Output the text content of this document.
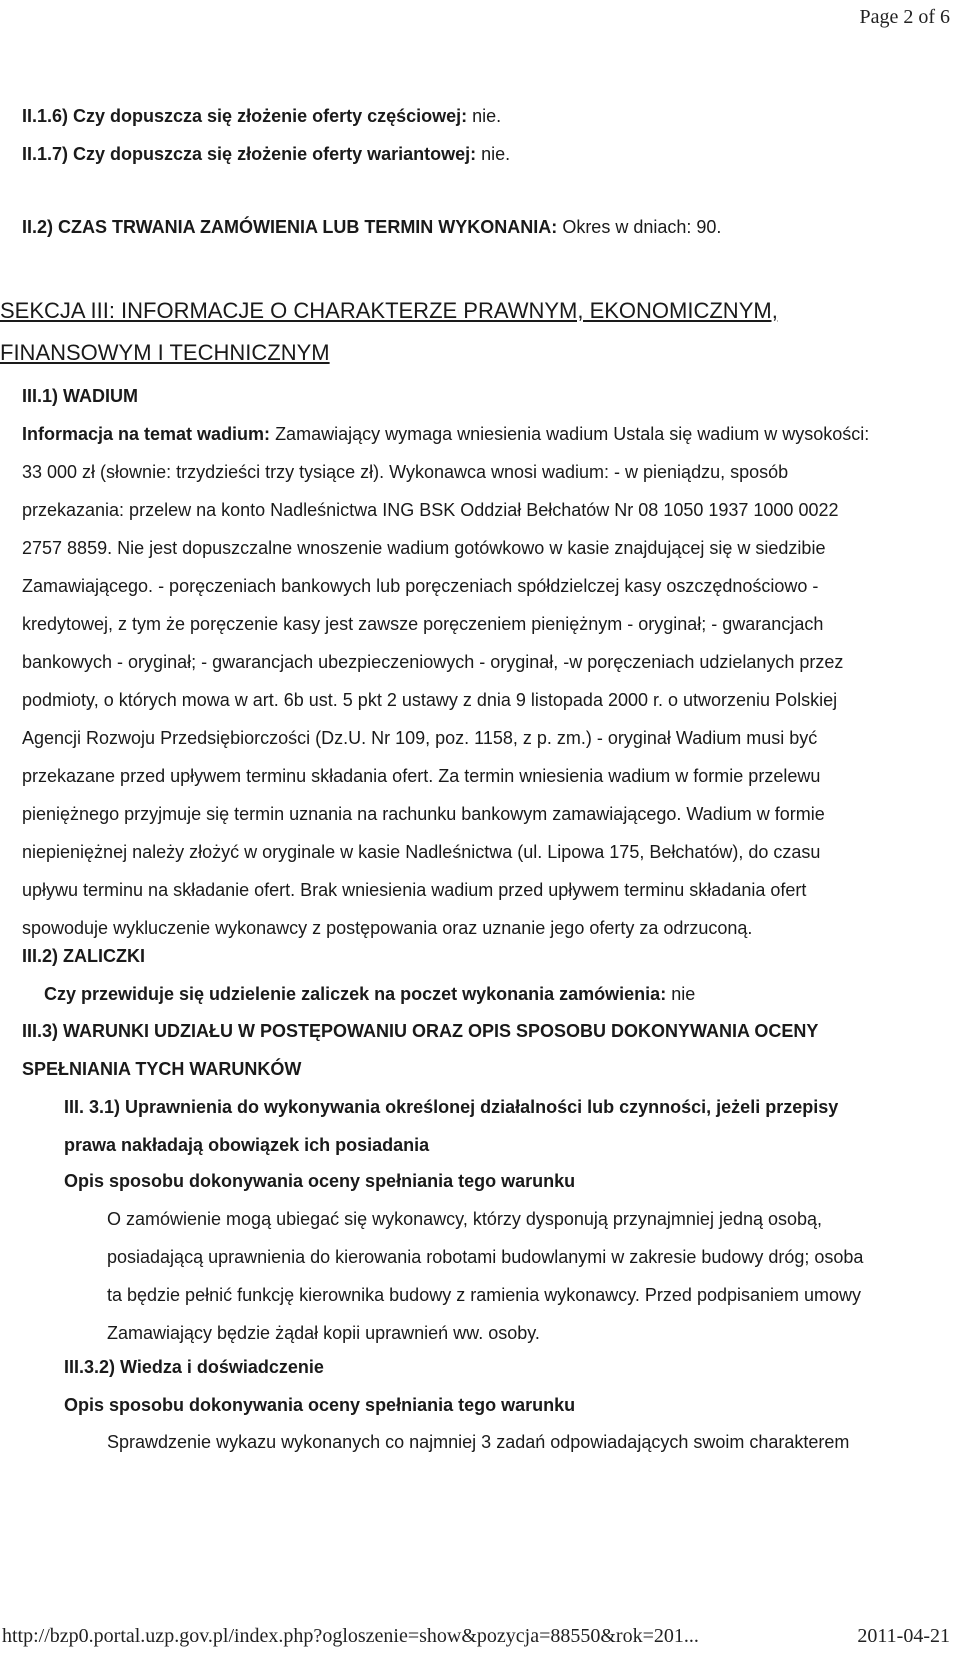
Page 2 of 6

II.1.6) Czy dopuszcza się złożenie oferty częściowej: nie.

II.1.7) Czy dopuszcza się złożenie oferty wariantowej: nie.

II.2) CZAS TRWANIA ZAMÓWIENIA LUB TERMIN WYKONANIA: Okres w dniach: 90.

SEKCJA III: INFORMACJE O CHARAKTERZE PRAWNYM, EKONOMICZNYM,
FINANSOWYM I TECHNICZNYM

III.1) WADIUM

Informacja na temat wadium: Zamawiający wymaga wniesienia wadium Ustala się wadium w wysokości:
33 000 zł (słownie: trzydzieści trzy tysiące zł). Wykonawca wnosi wadium: - w pieniądzu, sposób
przekazania: przelew na konto Nadleśnictwa ING BSK Oddział Bełchatów Nr 08 1050 1937 1000 0022
2757 8859. Nie jest dopuszczalne wnoszenie wadium gotówkowo w kasie znajdującej się w siedzibie
Zamawiającego. - poręczeniach bankowych lub poręczeniach spółdzielczej kasy oszczędnościowo -
kredytowej, z tym że poręczenie kasy jest zawsze poręczeniem pieniężnym - oryginał; - gwarancjach
bankowych - oryginał; - gwarancjach ubezpieczeniowych - oryginał, -w poręczeniach udzielanych przez
podmioty, o których mowa w art. 6b ust. 5 pkt 2 ustawy z dnia 9 listopada 2000 r. o utworzeniu Polskiej
Agencji Rozwoju Przedsiębiorczości (Dz.U. Nr 109, poz. 1158, z p. zm.) - oryginał Wadium musi być
przekazane przed upływem terminu składania ofert. Za termin wniesienia wadium w formie przelewu
pieniężnego przyjmuje się termin uznania na rachunku bankowym zamawiającego. Wadium w formie
niepieniężnej należy złożyć w oryginale w kasie Nadleśnictwa (ul. Lipowa 175, Bełchatów), do czasu
upływu terminu na składanie ofert. Brak wniesienia wadium przed upływem terminu składania ofert
spowoduje wykluczenie wykonawcy z postępowania oraz uznanie jego oferty za odrzuconą.

III.2) ZALICZKI

Czy przewiduje się udzielenie zaliczek na poczet wykonania zamówienia: nie

III.3) WARUNKI UDZIAŁU W POSTĘPOWANIU ORAZ OPIS SPOSOBU DOKONYWANIA OCENY
SPEŁNIANIA TYCH WARUNKÓW
III. 3.1) Uprawnienia do wykonywania określonej działalności lub czynności, jeżeli przepisy
prawa nakładają obowiązek ich posiadania

Opis sposobu dokonywania oceny spełniania tego warunku

O zamówienie mogą ubiegać się wykonawcy, którzy dysponują przynajmniej jedną osobą,
posiadającą uprawnienia do kierowania robotami budowlanymi w zakresie budowy dróg; osoba
ta będzie pełnić funkcję kierownika budowy z ramienia wykonawcy. Przed podpisaniem umowy
Zamawiający będzie żądał kopii uprawnień ww. osoby.

III.3.2) Wiedza i doświadczenie

Opis sposobu dokonywania oceny spełniania tego warunku

Sprawdzenie wykazu wykonanych co najmniej 3 zadań odpowiadających swoim charakterem

http://bzp0.portal.uzp.gov.pl/index.php?ogloszenie=show&pozycja=88550&rok=201...	2011-04-21
